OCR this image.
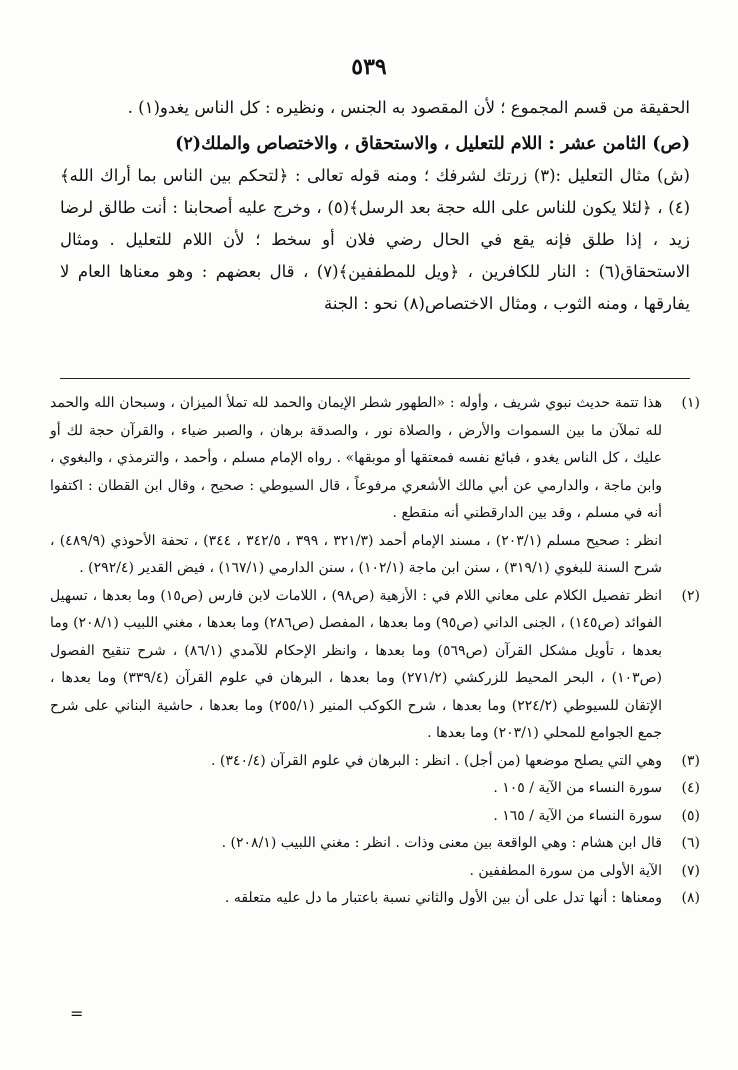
٥٣٩

الحقيقة من قسم المجموع ؛ لأن المقصود به الجنس ، ونظيره : كل الناس يغدو(١) .

(ص) الثامن عشر : اللام للتعليل ، والاستحقاق ، والاختصاص والملك(٢)

(ش) مثال التعليل :(٣) زرتك لشرفك ؛ ومنه قوله تعالى : ﴿لتحكم بين الناس بما أراك الله﴾(٤) ، ﴿لئلا يكون للناس على الله حجة بعد الرسل﴾(٥) ، وخرج عليه أصحابنا : أنت طالق لرضا زيد ، إذا طلق فإنه يقع في الحال رضي فلان أو سخط ؛ لأن اللام للتعليل . ومثال الاستحقاق(٦) : النار للكافرين ، ﴿ويل للمطففين﴾(٧) ، قال بعضهم : وهو معناها العام لا يفارقها ، ومنه الثوب ، ومثال الاختصاص(٨) نحو : الجنة

(١)

هذا تتمة حديث نبوي شريف ، وأوله : «الطهور شطر الإيمان والحمد لله تملأ الميزان ، وسبحان الله والحمد لله تملآن ما بين السموات والأرض ، والصلاة نور ، والصدقة برهان ، والصبر ضياء ، والقرآن حجة لك أو عليك ، كل الناس يغدو ، فبائع نفسه فمعتقها أو موبقها» . رواه الإمام مسلم ، وأحمد ، والترمذي ، والبغوي ، وابن ماجة ، والدارمي عن أبي مالك الأشعري مرفوعاً ، قال السيوطي : صحيح ، وقال ابن القطان : اكتفوا أنه في مسلم ، وقد بين الدارقطني أنه منقطع .

انظر : صحيح مسلم (٢٠٣/١) ، مسند الإمام أحمد (٣٢١/٣ ، ٣٩٩ ، ٣٤٢/٥ ، ٣٤٤) ، تحفة الأحوذي (٤٨٩/٩) ، شرح السنة للبغوي (٣١٩/١) ، سنن ابن ماجة (١٠٢/١) ، سنن الدارمي (١٦٧/١) ، فيض القدير (٢٩٢/٤) .

(٢)

انظر تفصيل الكلام على معاني اللام في : الأزهية (ص٩٨) ، اللامات لابن فارس (ص١٥) وما بعدها ، تسهيل الفوائد (ص١٤٥) ، الجنى الداني (ص٩٥) وما بعدها ، المفصل (ص٢٨٦) وما بعدها ، مغني اللبيب (٢٠٨/١) وما بعدها ، تأويل مشكل القرآن (ص٥٦٩) وما بعدها ، وانظر الإحكام للآمدي (٨٦/١) ، شرح تنقيح الفصول (ص١٠٣) ، البحر المحيط للزركشي (٢٧١/٢) وما بعدها ، البرهان في علوم القرآن (٣٣٩/٤) وما بعدها ، الإتقان للسيوطي (٢٢٤/٢) وما بعدها ، شرح الكوكب المنير (٢٥٥/١) وما بعدها ، حاشية البناني على شرح جمع الجوامع للمحلي (٢٠٣/١) وما بعدها .

(٣)

وهي التي يصلح موضعها (من أجل) . انظر : البرهان في علوم القرآن (٣٤٠/٤) .

(٤)

سورة النساء من الآية / ١٠٥ .

(٥)

سورة النساء من الآية / ١٦٥ .

(٦)

قال ابن هشام : وهي الواقعة بين معنى وذات . انظر : مغني اللبيب (٢٠٨/١) .

(٧)

الآية الأولى من سورة المطففين .

(٨)

ومعناها : أنها تدل على أن بين الأول والثاني نسبة باعتبار ما دل عليه متعلقه .

=
